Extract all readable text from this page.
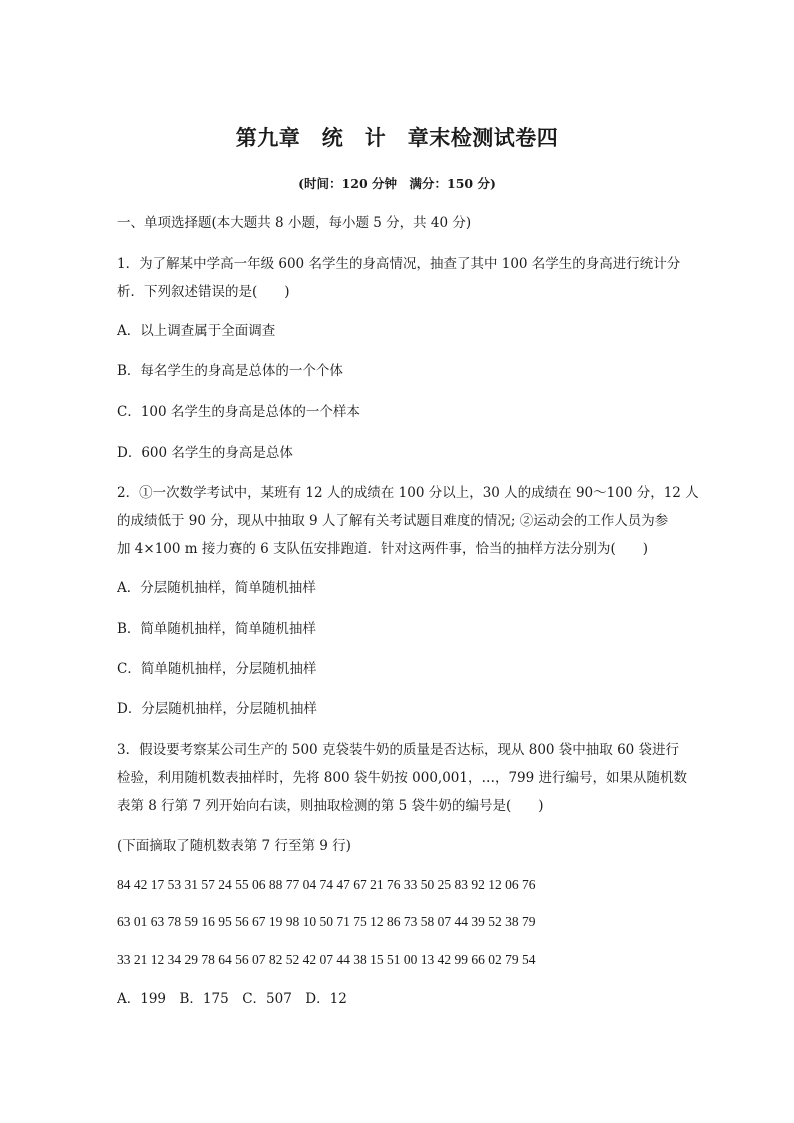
第九章　统　计　章末检测试卷四
(时间：120 分钟　满分：150 分)
一、单项选择题(本大题共 8 小题，每小题 5 分，共 40 分)
1．为了解某中学高一年级 600 名学生的身高情况，抽查了其中 100 名学生的身高进行统计分
析．下列叙述错误的是(　　)
A．以上调查属于全面调查
B．每名学生的身高是总体的一个个体
C．100 名学生的身高是总体的一个样本
D．600 名学生的身高是总体
2．①一次数学考试中，某班有 12 人的成绩在 100 分以上，30 人的成绩在 90～100 分，12 人
的成绩低于 90 分，现从中抽取 9 人了解有关考试题目难度的情况; ②运动会的工作人员为参
加 4×100 m 接力赛的 6 支队伍安排跑道．针对这两件事，恰当的抽样方法分别为(　　)
A．分层随机抽样，简单随机抽样
B．简单随机抽样，简单随机抽样
C．简单随机抽样，分层随机抽样
D．分层随机抽样，分层随机抽样
3．假设要考察某公司生产的 500 克袋装牛奶的质量是否达标，现从 800 袋中抽取 60 袋进行
检验，利用随机数表抽样时，先将 800 袋牛奶按 000,001，…，799 进行编号，如果从随机数
表第 8 行第 7 列开始向右读，则抽取检测的第 5 袋牛奶的编号是(　　)
(下面摘取了随机数表第 7 行至第 9 行)
84 42 17 53 31 57 24 55 06 88 77 04 74 47 67 21 76 33 50 25 83 92 12 06 76
63 01 63 78 59 16 95 56 67 19 98 10 50 71 75 12 86 73 58 07 44 39 52 38 79
33 21 12 34 29 78 64 56 07 82 52 42 07 44 38 15 51 00 13 42 99 66 02 79 54
A．199　B．175　C．507　D．12
